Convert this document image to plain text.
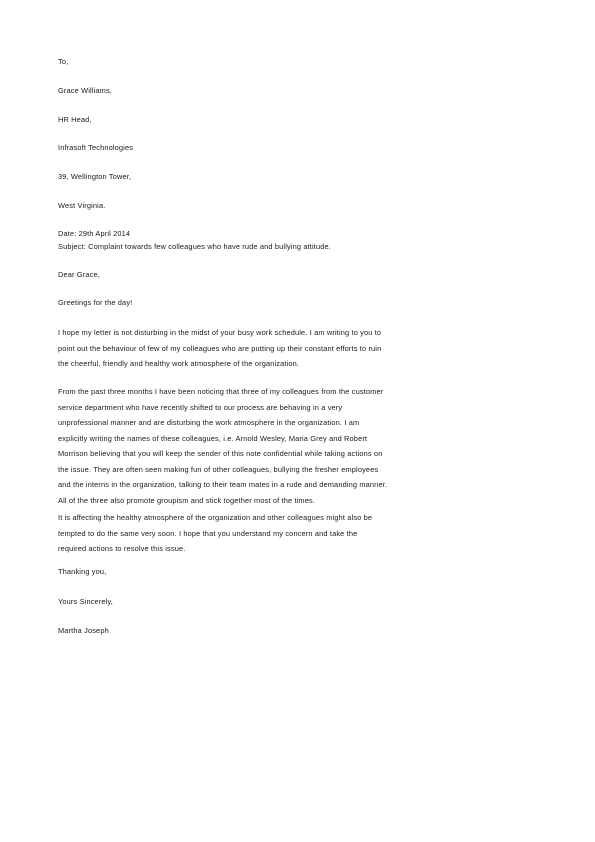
To,
Grace Williams,
HR Head,
Infrasoft Technologies
39, Wellington Tower,
West Virginia.
Date: 29th April 2014
Subject: Complaint towards few colleagues who have rude and bullying attitude.
Dear Grace,
Greetings for the day!
I hope my letter is not disturbing in the midst of your busy work schedule. I am writing to you to
point out the behaviour of few of my colleagues who are putting up their constant efforts to ruin
the cheerful, friendly and healthy work atmosphere of the organization.
From the past three months I have been noticing that three of my colleagues from the customer
service department who have recently shifted to our process are behaving in a very
unprofessional manner and are disturbing the work atmosphere in the organization. I am
explicitly writing the names of these colleagues, i.e. Arnold Wesley, Maria Grey and Robert
Morrison believing that you will keep the sender of this note confidential while taking actions on
the issue. They are often seen making fun of other colleagues, bullying the fresher employees
and the interns in the organization, talking to their team mates in a rude and demanding manner.
All of the three also promote groupism and stick together most of the times.
It is affecting the healthy atmosphere of the organization and other colleagues might also be
tempted to do the same very soon. I hope that you understand my concern and take the
required actions to resolve this issue.
Thanking you,
Yours Sincerely,
Martha Joseph
